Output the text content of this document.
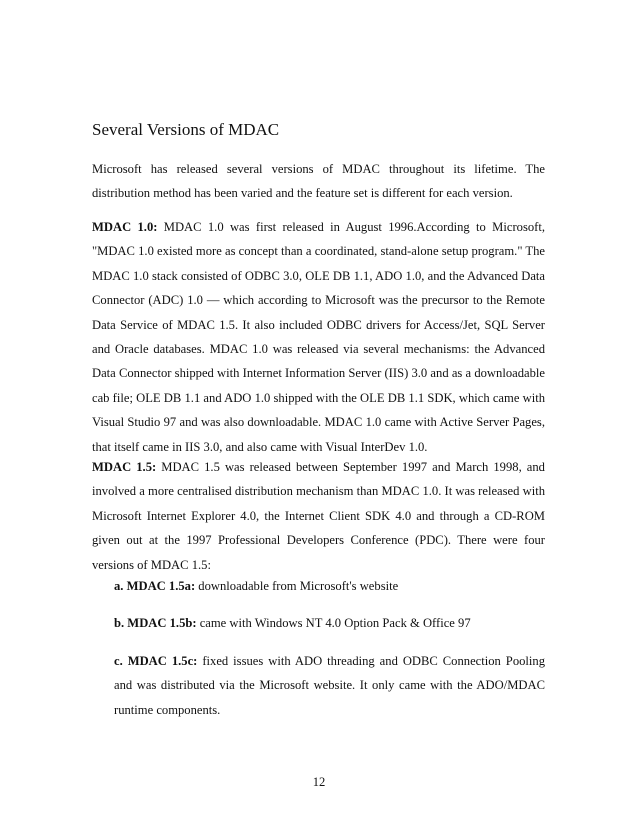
Several Versions of MDAC

Microsoft has released several versions of MDAC throughout its lifetime. The distribution method has been varied and the feature set is different for each version.

MDAC 1.0: MDAC 1.0 was first released in August 1996.According to Microsoft, "MDAC 1.0 existed more as concept than a coordinated, stand-alone setup program." The MDAC 1.0 stack consisted of ODBC 3.0, OLE DB 1.1, ADO 1.0, and the Advanced Data Connector (ADC) 1.0 — which according to Microsoft was the precursor to the Remote Data Service of MDAC 1.5. It also included ODBC drivers for Access/Jet, SQL Server and Oracle databases. MDAC 1.0 was released via several mechanisms: the Advanced Data Connector shipped with Internet Information Server (IIS) 3.0 and as a downloadable cab file; OLE DB 1.1 and ADO 1.0 shipped with the OLE DB 1.1 SDK, which came with Visual Studio 97 and was also downloadable. MDAC 1.0 came with Active Server Pages, that itself came in IIS 3.0, and also came with Visual InterDev 1.0.

MDAC 1.5: MDAC 1.5 was released between September 1997 and March 1998, and involved a more centralised distribution mechanism than MDAC 1.0. It was released with Microsoft Internet Explorer 4.0, the Internet Client SDK 4.0 and through a CD-ROM given out at the 1997 Professional Developers Conference (PDC). There were four versions of MDAC 1.5:

a. MDAC 1.5a: downloadable from Microsoft's website

b. MDAC 1.5b: came with Windows NT 4.0 Option Pack & Office 97

c. MDAC 1.5c: fixed issues with ADO threading and ODBC Connection Pooling and was distributed via the Microsoft website. It only came with the ADO/MDAC runtime components.

12
